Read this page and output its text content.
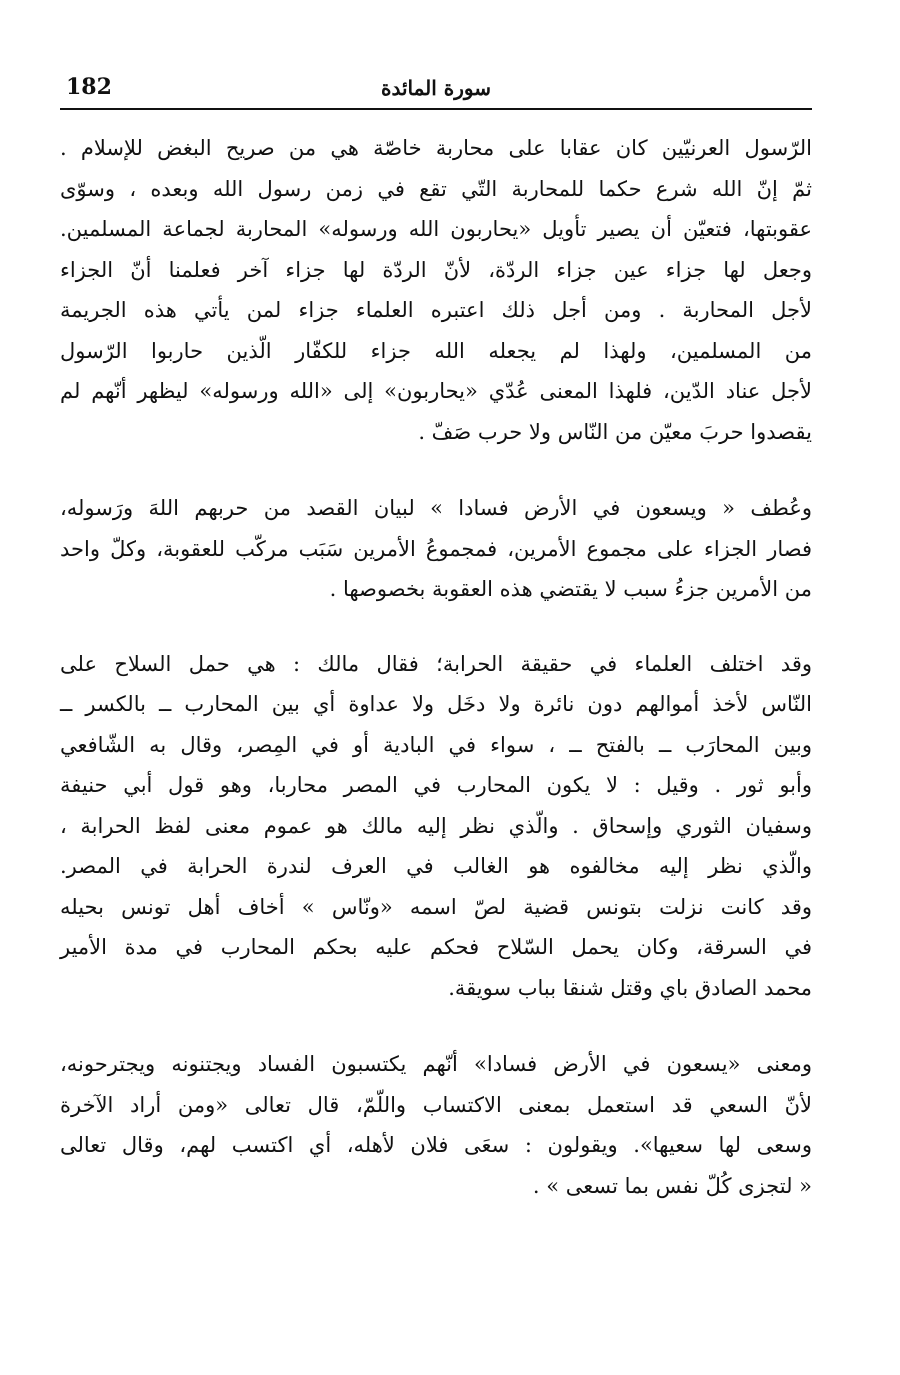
182	سورة المائدة
الرّسول العرنيّين كان عقابا على محاربة خاصّة هي من صريح البغض للإسلام .
ثمّ إنّ الله شرع حكما للمحاربة التّي تقع في زمن رسول الله وبعده ، وسوّى
عقوبتها، فتعيّن أن يصير تأويل «يحاربون الله ورسوله» المحاربة لجماعة المسلمين.
وجعل لها جزاء عين جزاء الردّة، لأنّ الردّة لها جزاء آخر فعلمنا أنّ الجزاء
لأجل المحاربة . ومن أجل ذلك اعتبره العلماء جزاء لمن يأتي هذه الجريمة
من المسلمين، ولهذا لم يجعله الله جزاء للكفّار الّذين حاربوا الرّسول
لأجل عناد الدّين، فلهذا المعنى عُدّي «يحاربون» إلى «الله ورسوله» ليظهر أنّهم لم
يقصدوا حربَ معيّن من النّاس ولا حرب صَفّ .
وعُطف « ويسعون في الأرض فسادا » لبيان القصد من حربهم اللهَ ورَسوله،
فصار الجزاء على مجموع الأمرين، فمجموعُ الأمرين سَبَب مركّب للعقوبة، وكلّ واحد
من الأمرين جزءُ سبب لا يقتضي هذه العقوبة بخصوصها .
وقد اختلف العلماء في حقيقة الحرابة؛ فقال مالك : هي حمل السلاح على
النّاس لأخذ أموالهم دون نائرة ولا دخَل ولا عداوة أي بين المحارب ــ بالكسر ــ
وبين المحارَب ــ بالفتح ــ ، سواء في البادية أو في المِصر، وقال به الشّافعي
وأبو ثور . وقيل : لا يكون المحارب في المصر محاربا، وهو قول أبي حنيفة
وسفيان الثوري وإسحاق . والّذي نظر إليه مالك هو عموم معنى لفظ الحرابة ،
والّذي نظر إليه مخالفوه هو الغالب في العرف لندرة الحرابة في المصر.
وقد كانت نزلت بتونس قضية لصّ اسمه «ونّاس » أخاف أهل تونس بحيله
في السرقة، وكان يحمل السّلاح فحكم عليه بحكم المحارب في مدة الأمير
محمد الصادق باي وقتل شنقا بباب سويقة.
ومعنى «يسعون في الأرض فسادا» أنّهم يكتسبون الفساد ويجتنونه ويجترحونه،
لأنّ السعي قد استعمل بمعنى الاكتساب واللّمّ، قال تعالى «ومن أراد الآخرة
وسعى لها سعيها». ويقولون : سعَى فلان لأهله، أي اكتسب لهم، وقال تعالى
« لتجزى كُلّ نفس بما تسعى » .
